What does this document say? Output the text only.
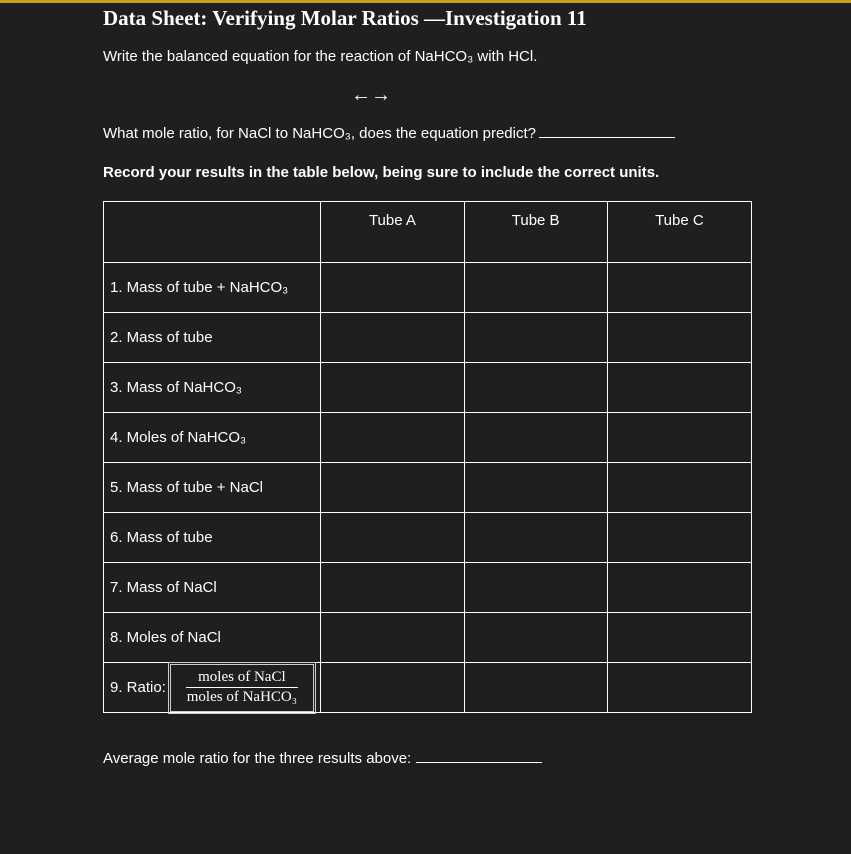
Data Sheet: Verifying Molar Ratios —Investigation 11
Write the balanced equation for the reaction of NaHCO₃ with HCl.
←→
What mole ratio, for NaCl to NaHCO₃, does the equation predict?
Record your results in the table below, being sure to include the correct units.
	Tube A	Tube B	Tube C
1. Mass of tube + NaHCO₃			
2. Mass of tube			
3. Mass of NaHCO₃			
4. Moles of NaHCO₃			
5. Mass of tube + NaCl			
6. Mass of tube			
7. Mass of NaCl			
8. Moles of NaCl			

9. Ratio: $\frac{\text{moles of NaCl}}{\text{moles of NaHCO₃}}$

Average mole ratio for the three results above:
